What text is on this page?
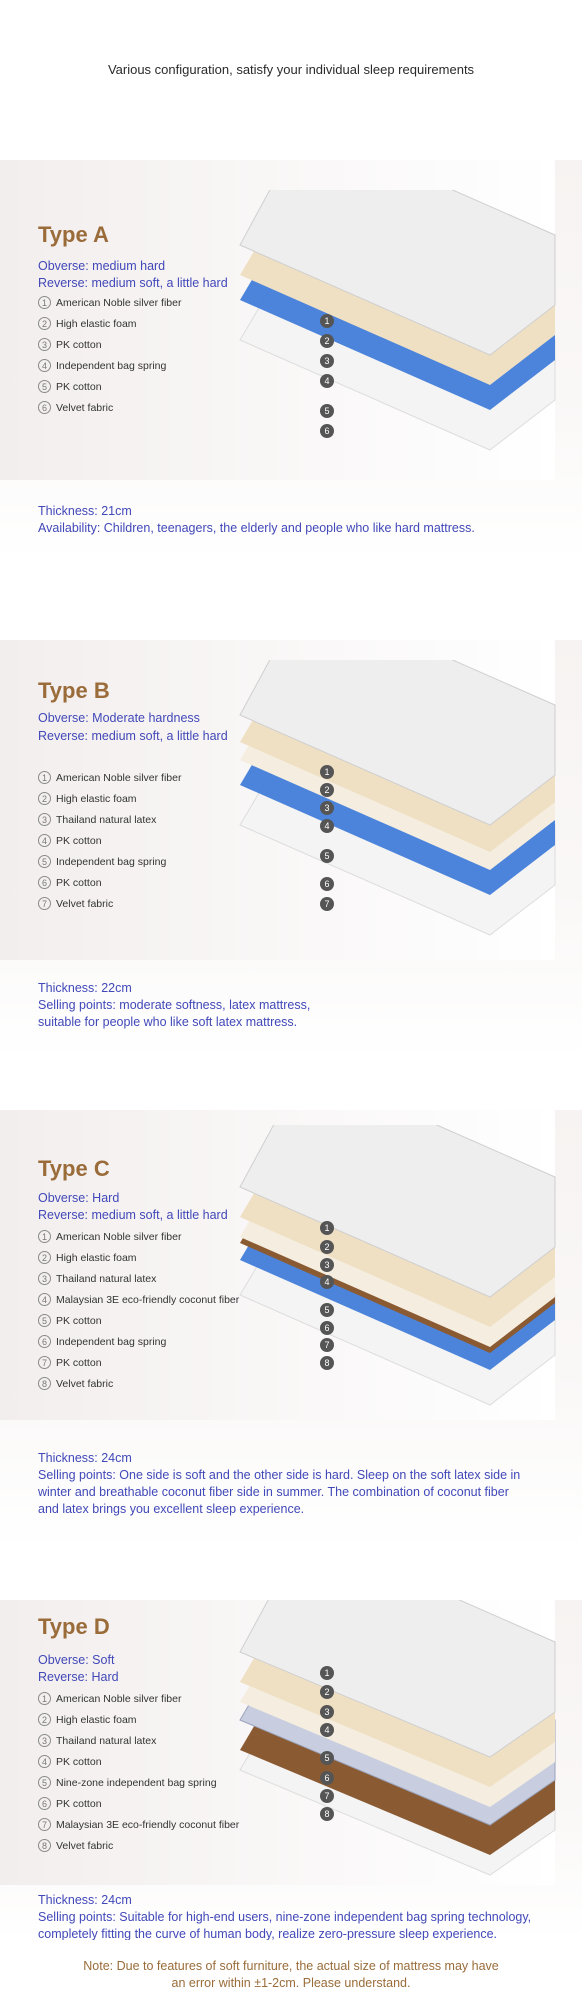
Various configuration, satisfy your individual sleep requirements
Type A
Obverse: medium hard
Reverse: medium soft, a little hard
1 American Noble silver fiber
2 High elastic foam
3 PK cotton
4 Independent bag spring
5 PK cotton
6 Velvet fabric
1
2
3
4
5
6
Thickness: 21cm
Availability: Children, teenagers, the elderly and people who like hard mattress.
Type B
Obverse: Moderate hardness
Reverse: medium soft, a little hard
1 American Noble silver fiber
2 High elastic foam
3 Thailand natural latex
4 PK cotton
5 Independent bag spring
6 PK cotton
7 Velvet fabric
1
2
3
4
5
6
7
Thickness: 22cm
Selling points: moderate softness, latex mattress,
suitable for people who like soft latex mattress.
Type C
Obverse: Hard
Reverse: medium soft, a little hard
1 American Noble silver fiber
2 High elastic foam
3 Thailand natural latex
4 Malaysian 3E eco-friendly coconut fiber
5 PK cotton
6 Independent bag spring
7 PK cotton
8 Velvet fabric
1
2
3
4
5
6
7
8
Thickness: 24cm
Selling points: One side is soft and the other side is hard. Sleep on the soft latex side in
winter and breathable coconut fiber side in summer. The combination of coconut fiber
and latex brings you excellent sleep experience.
Type D
Obverse: Soft
Reverse: Hard
1 American Noble silver fiber
2 High elastic foam
3 Thailand natural latex
4 PK cotton
5 Nine-zone independent bag spring
6 PK cotton
7 Malaysian 3E eco-friendly coconut fiber
8 Velvet fabric
1
2
3
4
5
6
7
8
Thickness: 24cm
Selling points: Suitable for high-end users, nine-zone independent bag spring technology,
completely fitting the curve of human body, realize zero-pressure sleep experience.
Note: Due to features of soft furniture, the actual size of mattress may have
an error within ±1-2cm. Please understand.
